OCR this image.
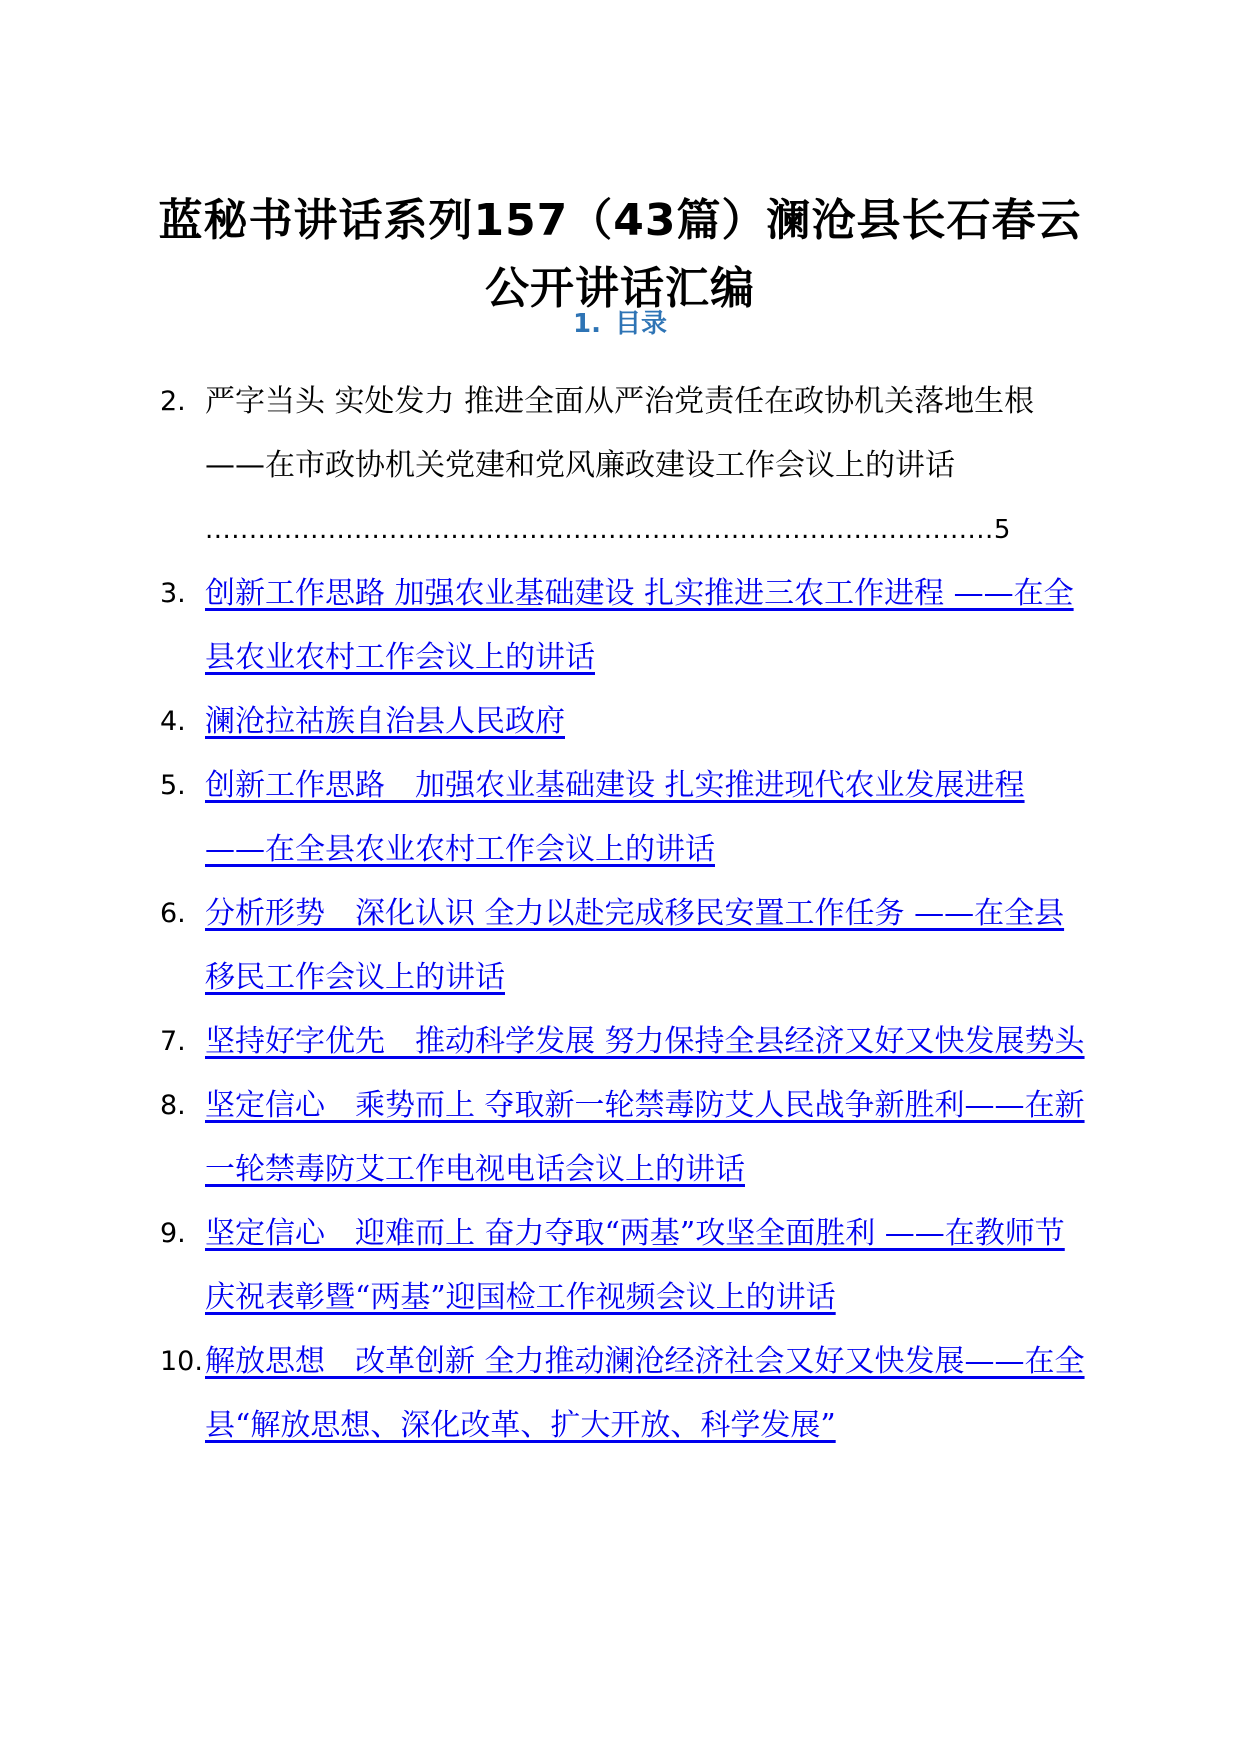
蓝秘书讲话系列157（43篇）澜沧县长石春云公开讲话汇编
1. 目录
2. 严字当头 实处发力 推进全面从严治党责任在政协机关落地生根 ——在市政协机关党建和党风廉政建设工作会议上的讲话
..........................................................................................5
3. 创新工作思路 加强农业基础建设 扎实推进三农工作进程 ——在全县农业农村工作会议上的讲话
4. 澜沧拉祜族自治县人民政府
5. 创新工作思路　加强农业基础建设 扎实推进现代农业发展进程 ——在全县农业农村工作会议上的讲话
6. 分析形势　深化认识 全力以赴完成移民安置工作任务 ——在全县移民工作会议上的讲话
7. 坚持好字优先　推动科学发展 努力保持全县经济又好又快发展势头
8. 坚定信心　乘势而上 夺取新一轮禁毒防艾人民战争新胜利——在新一轮禁毒防艾工作电视电话会议上的讲话
9. 坚定信心　迎难而上 奋力夺取“两基”攻坚全面胜利 ——在教师节庆祝表彰暨“两基”迎国检工作视频会议上的讲话
10. 解放思想　改革创新 全力推动澜沧经济社会又好又快发展——在全县“解放思想、深化改革、扩大开放、科学发展”
